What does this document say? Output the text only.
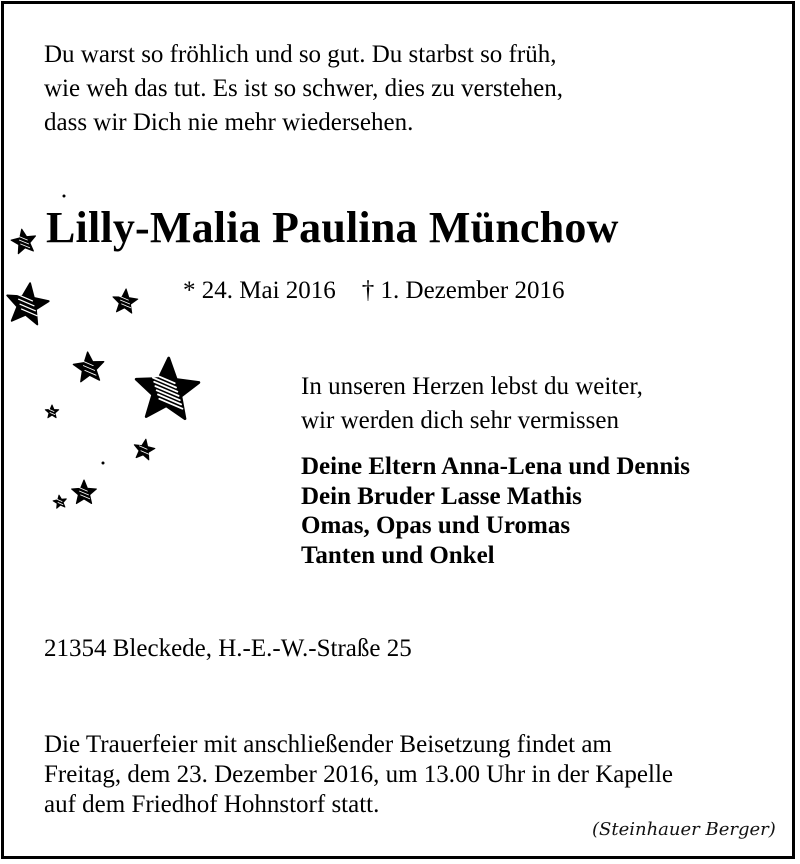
Du warst so fröhlich und so gut. Du starbst so früh,
wie weh das tut. Es ist so schwer, dies zu verstehen,
dass wir Dich nie mehr wiedersehen.
Lilly-Malia Paulina Münchow
* 24. Mai 2016 † 1. Dezember 2016
In unseren Herzen lebst du weiter,
wir werden dich sehr vermissen
Deine Eltern Anna-Lena und Dennis
Dein Bruder Lasse Mathis
Omas, Opas und Uromas
Tanten und Onkel
21354 Bleckede, H.-E.-W.-Straße 25
Die Trauerfeier mit anschließender Beisetzung findet am
Freitag, dem 23. Dezember 2016, um 13.00 Uhr in der Kapelle
auf dem Friedhof Hohnstorf statt.
(Steinhauer Berger)
